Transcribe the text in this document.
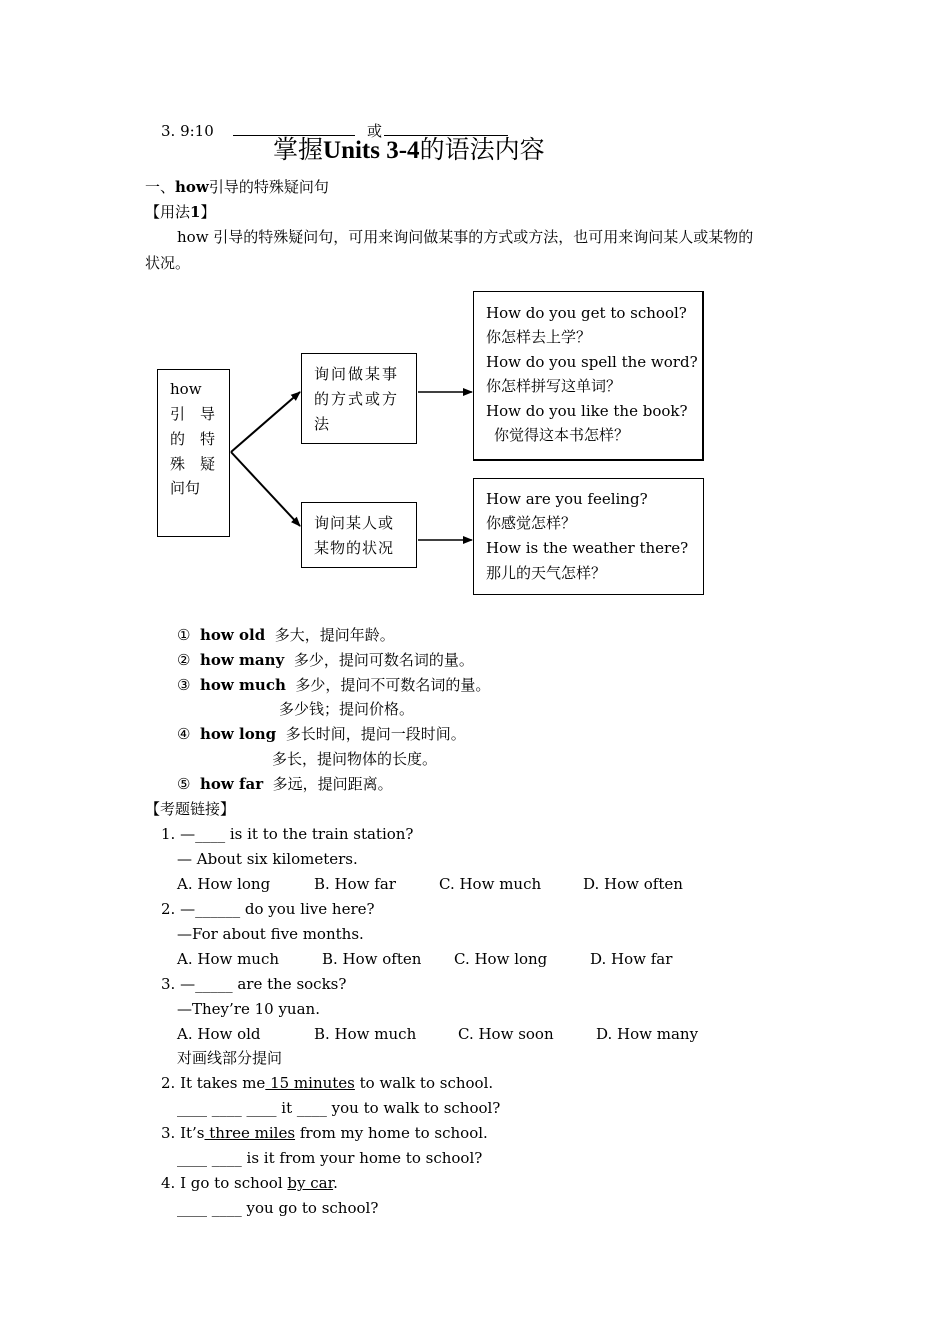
3. 9:10	或
掌握Units 3-4的语法内容
一、how引导的特殊疑问句
【用法1】
how 引导的特殊疑问句，可用来询问做某事的方式或方法，也可用来询问某人或某物的
状况。
how
引　导
的　特
殊　疑
问句
询问做某事
的方式或方
法
询问某人或
某物的状况
How do you get to school?
你怎样去上学？
How do you spell the word?
你怎样拼写这单词？
How do you like the book?
你觉得这本书怎样？
How are you feeling?
你感觉怎样？
How is the weather there?
那儿的天气怎样？
① how old 多大，提问年龄。
② how many 多少，提问可数名词的量。
③ how much 多少，提问不可数名词的量。
多少钱；提问价格。
④ how long 多长时间，提问一段时间。
多长，提问物体的长度。
⑤ how far 多远，提问距离。
【考题链接】
1. —____ is it to the train station?
— About six kilometers.
A. How long	B. How far	C. How much	D. How often
2. —______ do you live here?
—For about five months.
A. How much	B. How often C. How long	D. How far
3. —_____ are the socks?
—They’re 10 yuan.
A. How old	B. How much	C. How soon	D. How many
对画线部分提问
2. It takes me 15 minutes to walk to school.
____ ____ ____ it ____ you to walk to school?
3. It’s three miles from my home to school.
____ ____ is it from your home to school?
4. I go to school by car.
____ ____ you go to school?
